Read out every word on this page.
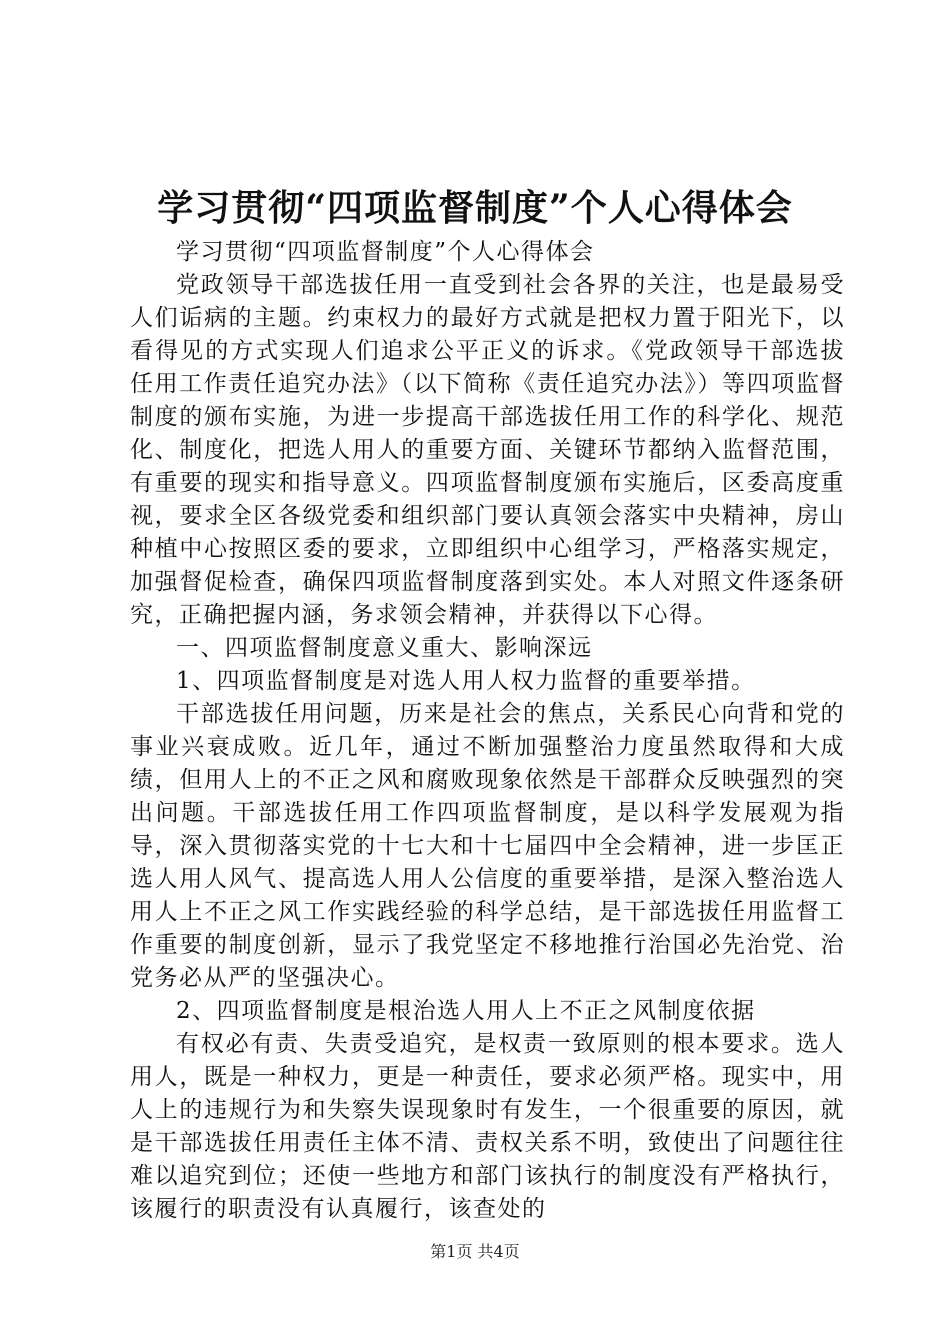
学习贯彻“四项监督制度”个人心得体会

学习贯彻“四项监督制度”个人心得体会

党政领导干部选拔任用一直受到社会各界的关注，也是最易受人们诟病的主题。约束权力的最好方式就是把权力置于阳光下，以看得见的方式实现人们追求公平正义的诉求。《党政领导干部选拔任用工作责任追究办法》（以下简称《责任追究办法》）等四项监督制度的颁布实施，为进一步提高干部选拔任用工作的科学化、规范化、制度化，把选人用人的重要方面、关键环节都纳入监督范围，有重要的现实和指导意义。四项监督制度颁布实施后，区委高度重视，要求全区各级党委和组织部门要认真领会落实中央精神，房山种植中心按照区委的要求，立即组织中心组学习，严格落实规定，加强督促检查，确保四项监督制度落到实处。本人对照文件逐条研究，正确把握内涵，务求领会精神，并获得以下心得。

一、四项监督制度意义重大、影响深远

1、四项监督制度是对选人用人权力监督的重要举措。

干部选拔任用问题，历来是社会的焦点，关系民心向背和党的事业兴衰成败。近几年，通过不断加强整治力度虽然取得和大成绩，但用人上的不正之风和腐败现象依然是干部群众反映强烈的突出问题。干部选拔任用工作四项监督制度，是以科学发展观为指导，深入贯彻落实党的十七大和十七届四中全会精神，进一步匡正选人用人风气、提高选人用人公信度的重要举措，是深入整治选人用人上不正之风工作实践经验的科学总结，是干部选拔任用监督工作重要的制度创新，显示了我党坚定不移地推行治国必先治党、治党务必从严的坚强决心。

2、四项监督制度是根治选人用人上不正之风制度依据

有权必有责、失责受追究，是权责一致原则的根本要求。选人用人，既是一种权力，更是一种责任，要求必须严格。现实中，用人上的违规行为和失察失误现象时有发生，一个很重要的原因，就是干部选拔任用责任主体不清、责权关系不明，致使出了问题往往难以追究到位；还使一些地方和部门该执行的制度没有严格执行，该履行的职责没有认真履行，该查处的

第1页 共4页
